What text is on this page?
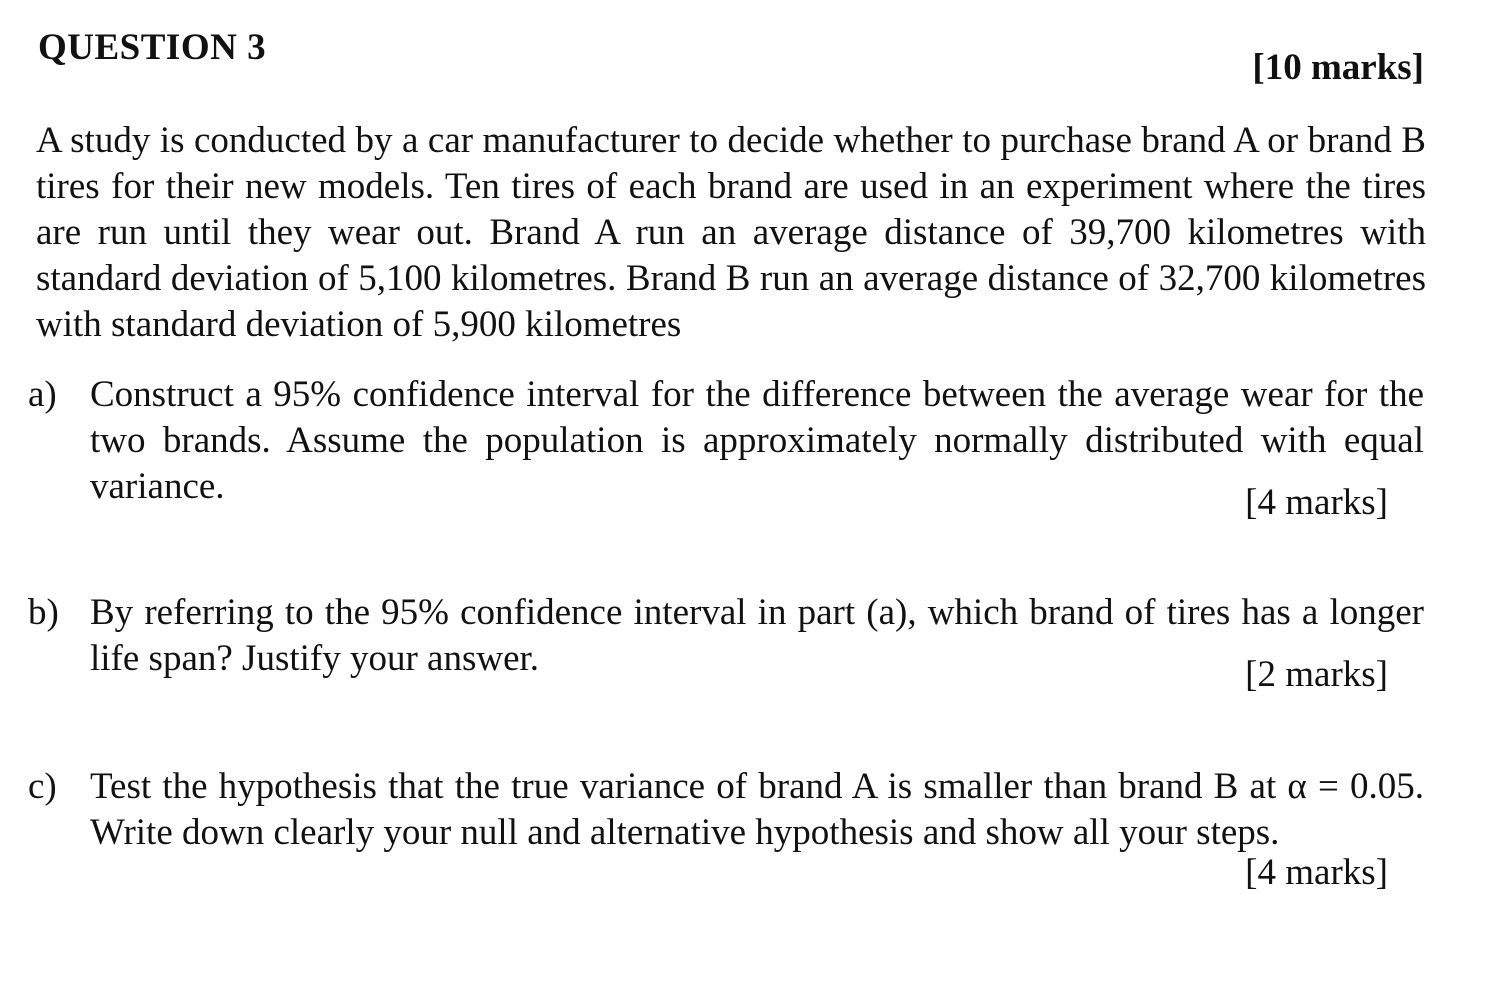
QUESTION 3	[10 marks]
A study is conducted by a car manufacturer to decide whether to purchase brand A or brand B tires for their new models. Ten tires of each brand are used in an experiment where the tires are run until they wear out. Brand A run an average distance of 39,700 kilometres with standard deviation of 5,100 kilometres. Brand B run an average distance of 32,700 kilometres with standard deviation of 5,900 kilometres
a) Construct a 95% confidence interval for the difference between the average wear for the two brands. Assume the population is approximately normally distributed with equal variance.	[4 marks]
b) By referring to the 95% confidence interval in part (a), which brand of tires has a longer life span? Justify your answer.	[2 marks]
c) Test the hypothesis that the true variance of brand A is smaller than brand B at α = 0.05. Write down clearly your null and alternative hypothesis and show all your steps.
[4 marks]
